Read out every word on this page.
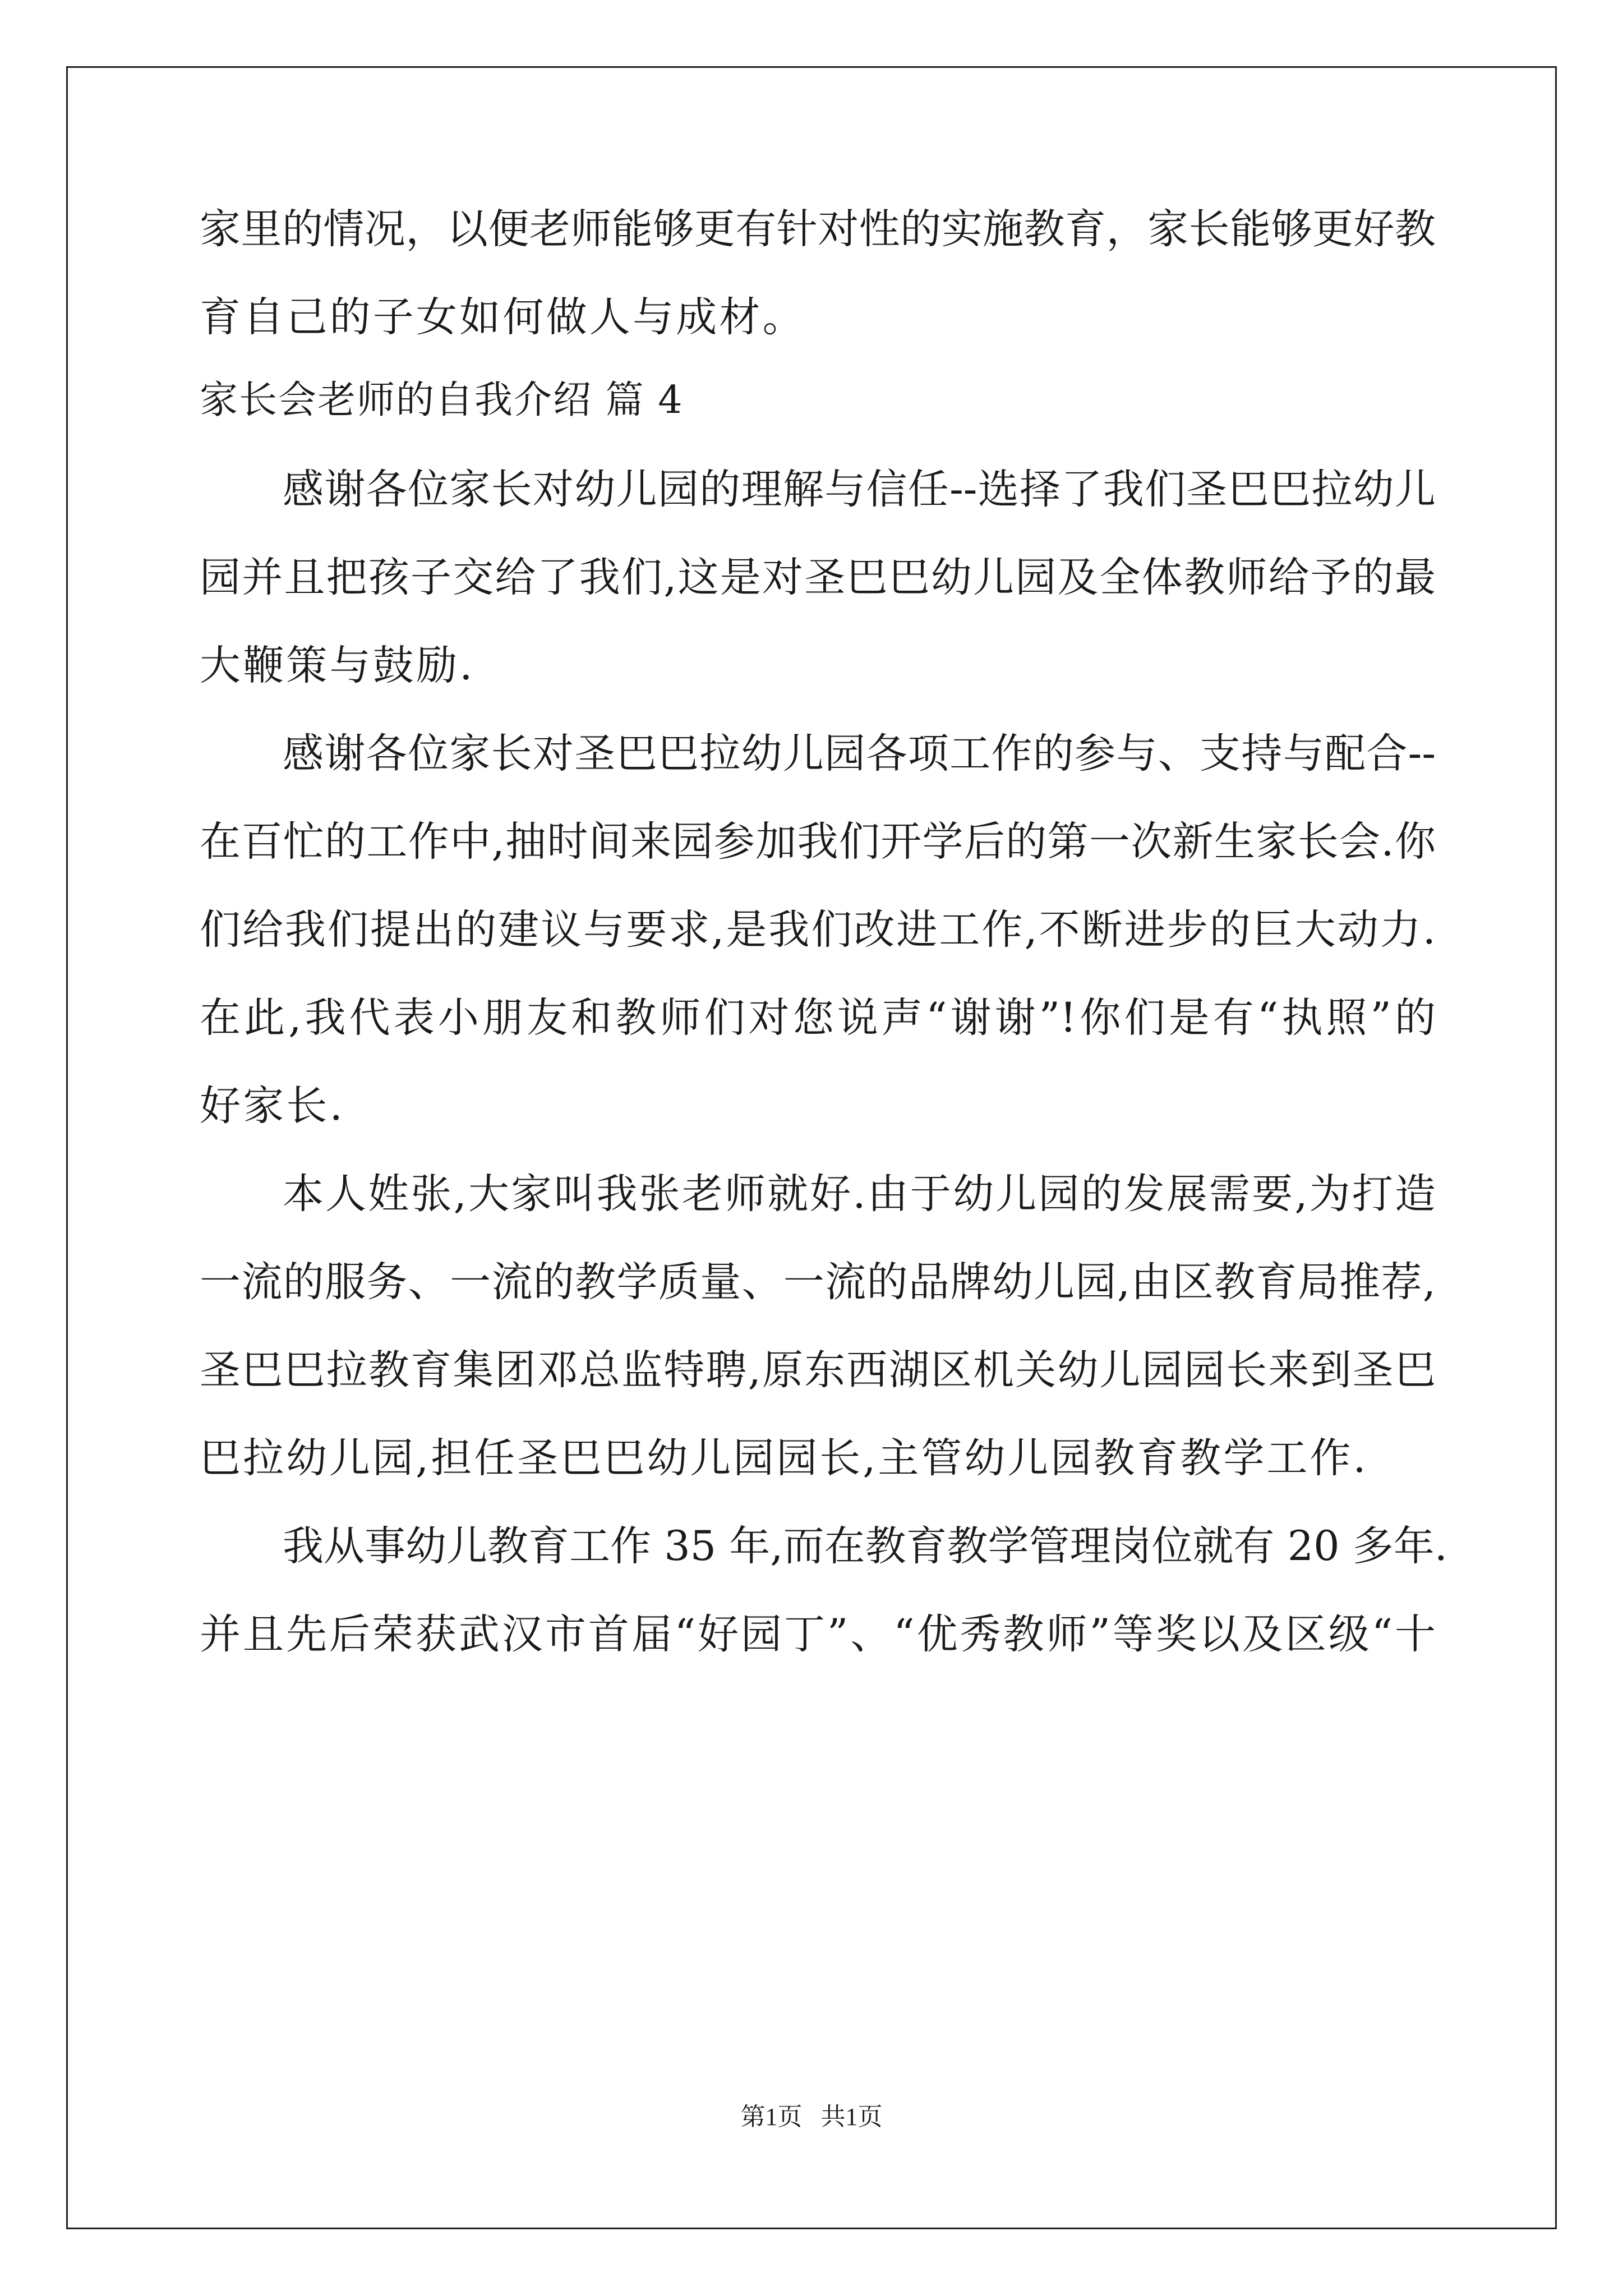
家里的情况，以便老师能够更有针对性的实施教育，家长能够更好教
育自己的子女如何做人与成材。
家长会老师的自我介绍 篇 4
感谢各位家长对幼儿园的理解与信任--选择了我们圣巴巴拉幼儿
园并且把孩子交给了我们,这是对圣巴巴幼儿园及全体教师给予的最
大鞭策与鼓励.
感谢各位家长对圣巴巴拉幼儿园各项工作的参与、支持与配合--
在百忙的工作中,抽时间来园参加我们开学后的第一次新生家长会.你
们给我们提出的建议与要求,是我们改进工作,不断进步的巨大动力.
在此,我代表小朋友和教师们对您说声“谢谢”!你们是有“执照”的
好家长.
本人姓张,大家叫我张老师就好.由于幼儿园的发展需要,为打造
一流的服务、一流的教学质量、一流的品牌幼儿园,由区教育局推荐,
圣巴巴拉教育集团邓总监特聘,原东西湖区机关幼儿园园长来到圣巴
巴拉幼儿园,担任圣巴巴幼儿园园长,主管幼儿园教育教学工作.
我从事幼儿教育工作 35 年,而在教育教学管理岗位就有 20 多年.
并且先后荣获武汉市首届“好园丁”、“优秀教师”等奖以及区级“十
第1页   共1页
